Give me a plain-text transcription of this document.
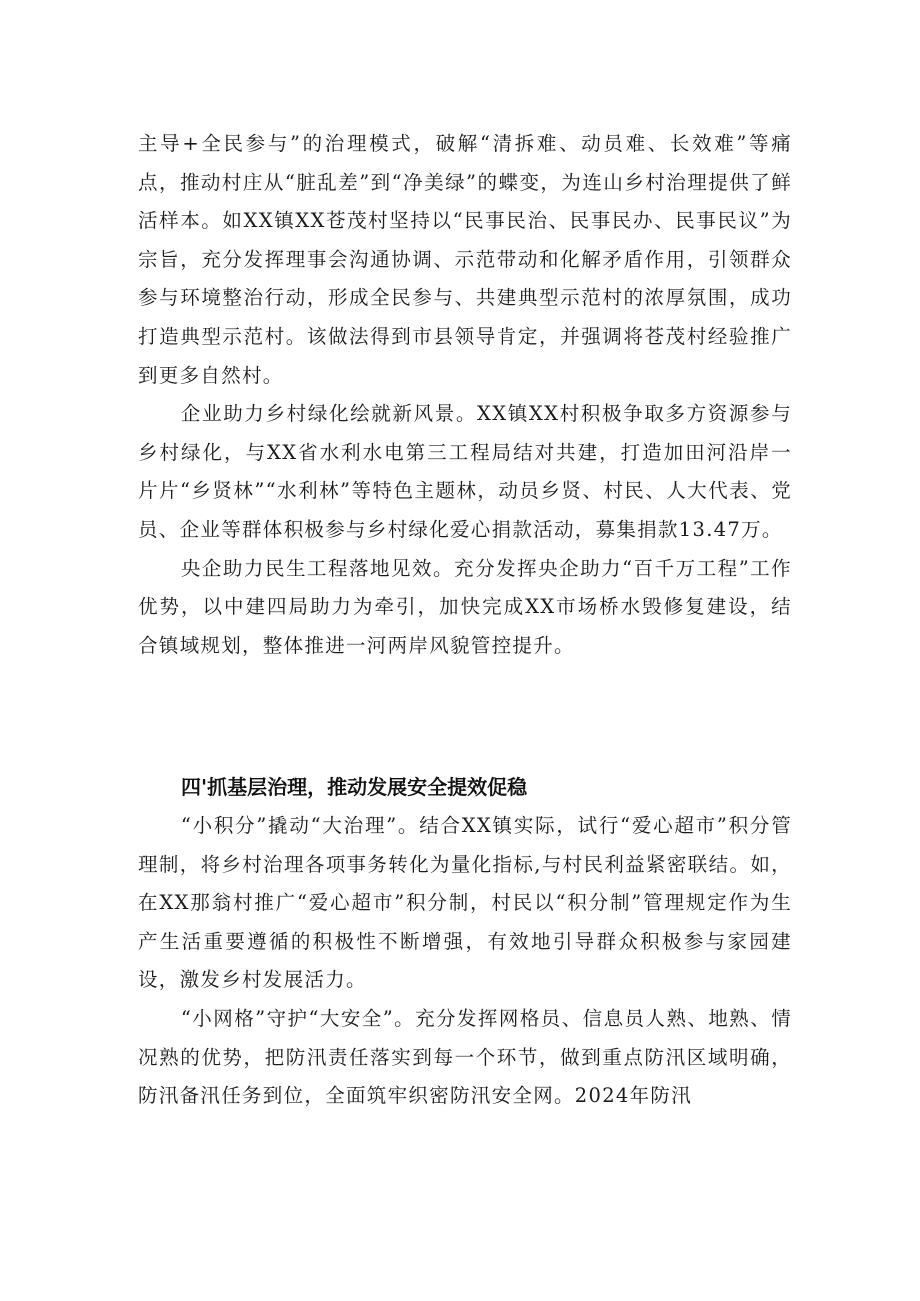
主导+全民参与”的治理模式，破解“清拆难、动员难、长效难”等痛点，推动村庄从“脏乱差”到“净美绿”的蝶变，为连山乡村治理提供了鲜活样本。如XX镇XX苍茂村坚持以“民事民治、民事民办、民事民议”为宗旨，充分发挥理事会沟通协调、示范带动和化解矛盾作用，引领群众参与环境整治行动，形成全民参与、共建典型示范村的浓厚氛围，成功打造典型示范村。该做法得到市县领导肯定，并强调将苍茂村经验推广到更多自然村。

企业助力乡村绿化绘就新风景。XX镇XX村积极争取多方资源参与乡村绿化，与XX省水利水电第三工程局结对共建，打造加田河沿岸一片片“乡贤林”“水利林”等特色主题林，动员乡贤、村民、人大代表、党员、企业等群体积极参与乡村绿化爱心捐款活动，募集捐款13.47万。

央企助力民生工程落地见效。充分发挥央企助力“百千万工程”工作优势，以中建四局助力为牵引，加快完成XX市场桥水毁修复建设，结合镇域规划，整体推进一河两岸风貌管控提升。

四'抓基层治理，推动发展安全提效促稳

“小积分”撬动“大治理”。结合XX镇实际，试行“爱心超市”积分管理制，将乡村治理各项事务转化为量化指标,与村民利益紧密联结。如，在XX那翁村推广“爱心超市”积分制，村民以“积分制”管理规定作为生产生活重要遵循的积极性不断增强，有效地引导群众积极参与家园建设，激发乡村发展活力。

“小网格”守护“大安全”。充分发挥网格员、信息员人熟、地熟、情况熟的优势，把防汛责任落实到每一个环节，做到重点防汛区域明确，防汛备汛任务到位，全面筑牢织密防汛安全网。2024年防汛
